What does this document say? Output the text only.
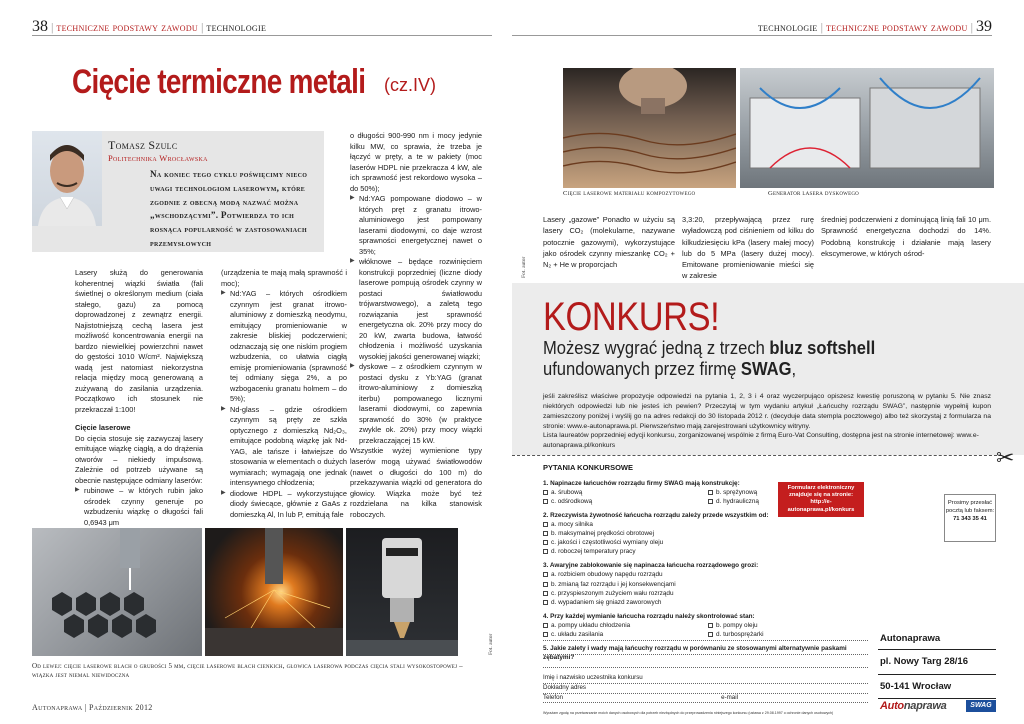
38 | techniczne podstawy zawodu | technologie
Cięcie termiczne metali	(cz.IV)
Tomasz Szulc
Politechnika Wrocławska
Na koniec tego cyklu poświęcimy nieco uwagi technologiom laserowym, które zgodnie z obecną modą nazwać można „wschodzącymi”. Potwierdza to ich rosnąca popularność w zastosowaniach przemysłowych

Lasery służą do generowania koherentnej wiązki światła (fali świetlnej o określonym medium (ciała stałego, gazu) za pomocą doprowadzonej z zewnątrz energii. Najistotniejszą cechą lasera jest możliwość koncentrowania energii na bardzo niewielkiej powierzchni nawet do gęstości 1010 W/cm². Największą wadą jest natomiast niekorzystna relacja między mocą generowaną a zużywaną do zasilania urządzenia. Początkowo ich stosunek nie przekraczał 1:100!

Cięcie laserowe

Do cięcia stosuje się zazwyczaj lasery emitujące wiązkę ciągłą, a do drążenia otworów – niekiedy impulsową. Zależnie od potrzeb używane są obecnie następujące odmiany laserów:

▶ rubinowe – w których rubin jako ośrodek czynny generuje po wzbudzeniu wiązkę o długości fali 0,6943 μm

(urządzenia te mają małą sprawność i moc);

▶ Nd:YAG – których ośrodkiem czynnym jest granat itrowo-aluminiowy z domieszką neodymu, emitujący promieniowanie w zakresie bliskiej podczerwieni; odznaczają się one niskim progiem wzbudzenia, co ułatwia ciągłą emisję promieniowania (sprawność tej odmiany sięga 2%, a po wzbogaceniu granatu holmem – do 5%);

▶ Nd-glass – gdzie ośrodkiem czynnym są pręty ze szkła optycznego z domieszką Nd₂O₃, emitujące podobną wiązkę jak Nd-YAG, ale tańsze i łatwiejsze do stosowania w elementach o dużych wymiarach; wymagają one jednak intensywnego chłodzenia;

▶ diodowe HDPL – wykorzystujące diody świecące, głównie z GaAs z domieszką Al, In lub P, emitują fale

o długości 900-990 nm i mocy jedynie kilku MW, co sprawia, że trzeba je łączyć w pręty, a te w pakiety (moc laserów HDPL nie przekracza 4 kW, ale ich sprawność jest rekordowo wysoka – do 50%);

▶ Nd:YAG pompowane diodowo – w których pręt z granatu itrowo-aluminiowego jest pompowany laserami diodowymi, co daje wzrost sprawności energetycznej nawet o 35%;

▶ włóknowe – będące rozwinięciem konstrukcji poprzedniej (liczne diody laserowe pompują ośrodek czynny w postaci światłowodu trójwarstwowego), a zaletą tego rozwiązania jest sprawność energetyczna ok. 20% przy mocy do 20 kW, zwarta budowa, łatwość chłodzenia i możliwość uzyskania wysokiej jakości generowanej wiązki;

▶ dyskowe – z ośrodkiem czynnym w postaci dysku z Yb:YAG (granat itrowo-aluminiowy z domieszką iterbu) pompowanego licznymi laserami diodowymi, co zapewnia sprawność do 30% (w praktyce zwykle ok. 20%) przy mocy wiązki przekraczającej 15 kW.

Wszystkie wyżej wymienione typy laserów mogą używać światłowodów (nawet o długości do 100 m) do przekazywania wiązki od generatora do głowicy. Wiązka może być też rozdzielana na kilka stanowisk roboczych.

Fot. autor
Od lewej: cięcie laserowe blach o grubości 5 mm, cięcie laserowe blach cienkich, głowica laserowa podczas cięcia stali wysokostopowej – wiązka jest niemal niewidoczna
Autonaprawa | Październik 2012
technologie | techniczne podstawy zawodu | 39
Cięcie laserowe materiału kompozytowego	Generator lasera dyskowego
Fot. autor
Lasery „gazowe” Ponadto w użyciu są lasery CO₂ (molekularne, nazywane potocznie gazowymi), wykorzystujące jako ośrodek czynny mieszankę CO₂ + N₂ + He w proporcjach
3,3:20, przepływającą przez rurę wyładowczą pod ciśnieniem od kilku do kilkudziesięciu kPa (lasery małej mocy) lub do 5 MPa (lasery dużej mocy). Emitowane promieniowanie mieści się w zakresie
średniej podczerwieni z dominującą linią fali 10 μm. Sprawność energetyczna dochodzi do 14%. Podobną konstrukcję i działanie mają lasery ekscymerowe, w których ośrod-
KONKURS!
Możesz wygrać jedną z trzech bluz softshell
ufundowanych przez firmę SWAG,
jeśli zakreślisz właściwe propozycje odpowiedzi na pytania 1, 2, 3 i 4 oraz wyczerpująco opiszesz kwestię poruszoną w pytaniu 5. Nie znasz niektórych odpowiedzi lub nie jesteś ich pewien? Przeczytaj w tym wydaniu artykuł „Łańcuchy rozrządu SWAG”, następnie wypełnij kupon zamieszczony poniżej i wyślij go na adres redakcji do 30 listopada 2012 r. (decyduje data stempla pocztowego) albo też skorzystaj z formularza na stronie: www.e-autonaprawa.pl. Pierwszeństwo mają zarejestrowani użytkownicy witryny.
Lista laureatów poprzedniej edycji konkursu, zorganizowanej wspólnie z firmą Euro-Vat Consulting, dostępna jest na stronie internetowej: www.e-autonaprawa.pl/konkurs	✂
PYTANIA KONKURSOWE
1. Napinacze łańcuchów rozrządu firmy SWAG mają konstrukcję:
a. śrubową	b. sprężynową
c. odśrodkową	d. hydrauliczną
2. Rzeczywista żywotność łańcucha rozrządu zależy przede wszystkim od:
a. mocy silnika
b. maksymalnej prędkości obrotowej
c. jakości i częstotliwości wymiany oleju
d. roboczej temperatury pracy
3. Awaryjne zablokowanie się napinacza łańcucha rozrządowego grozi:
a. rozbiciem obudowy napędu rozrządu
b. zmianą faz rozrządu i jej konsekwencjami
c. przyspieszonym zużyciem wału rozrządu
d. wypadaniem się gniazd zaworowych
4. Przy każdej wymianie łańcucha rozrządu należy skontrolować stan:
a. pompy układu chłodzenia	b. pompy oleju
c. układu zasilania	d. turbosprężarki
5. Jakie zalety i wady mają łańcuchy rozrządu w porównaniu ze stosowanymi alternatywnie paskami zębatymi?
Imię i nazwisko uczestnika konkursu
Dokładny adres
Telefon	e-mail
Wyrażam zgodę na przetwarzanie moich danych osobowych dla potrzeb niezbędnych do przeprowadzenia niniejszego konkursu (ustawa z 29.08.1997 o ochronie danych osobowych)
Formularz elektroniczny znajduje się na stronie: http://e-autonaprawa.pl/konkurs
Prosimy przesłać pocztą lub faksem:
71 343 35 41
Autonaprawa
pl. Nowy Targ 28/16
50-141 Wrocław
Autonaprawa	SWAG
